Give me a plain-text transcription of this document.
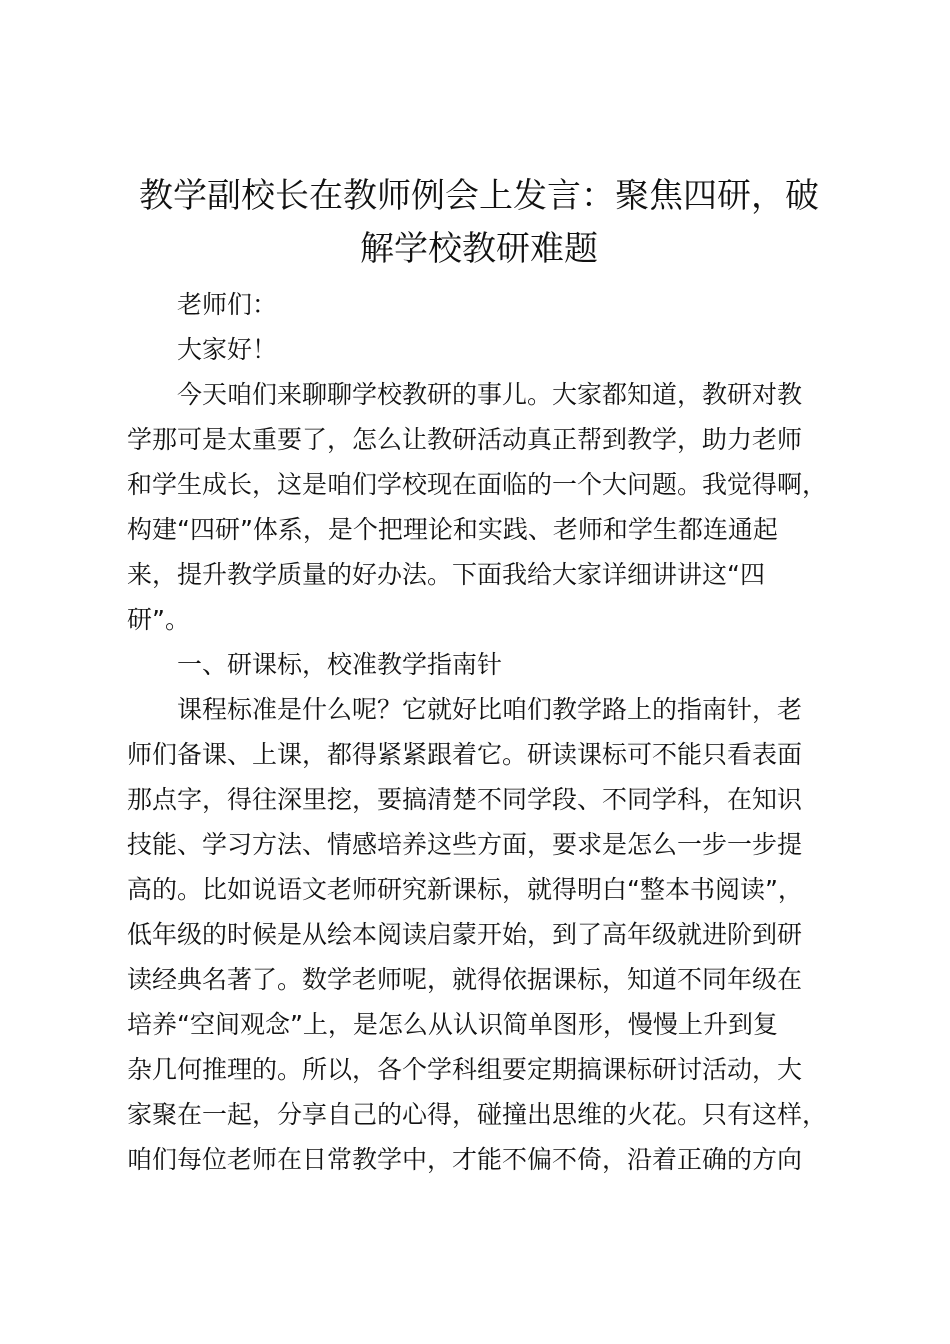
教学副校长在教师例会上发言：聚焦四研，破
解学校教研难题

老师们：

大家好！

今天咱们来聊聊学校教研的事儿。大家都知道，教研对教
学那可是太重要了，怎么让教研活动真正帮到教学，助力老师
和学生成长，这是咱们学校现在面临的一个大问题。我觉得啊，
构建“四研”体系，是个把理论和实践、老师和学生都连通起
来，提升教学质量的好办法。下面我给大家详细讲讲这“四
研”。

一、研课标，校准教学指南针

课程标准是什么呢？它就好比咱们教学路上的指南针，老
师们备课、上课，都得紧紧跟着它。研读课标可不能只看表面
那点字，得往深里挖，要搞清楚不同学段、不同学科，在知识
技能、学习方法、情感培养这些方面，要求是怎么一步一步提
高的。比如说语文老师研究新课标，就得明白“整本书阅读”，
低年级的时候是从绘本阅读启蒙开始，到了高年级就进阶到研
读经典名著了。数学老师呢，就得依据课标，知道不同年级在
培养“空间观念”上，是怎么从认识简单图形，慢慢上升到复
杂几何推理的。所以，各个学科组要定期搞课标研讨活动，大
家聚在一起，分享自己的心得，碰撞出思维的火花。只有这样，
咱们每位老师在日常教学中，才能不偏不倚，沿着正确的方向
